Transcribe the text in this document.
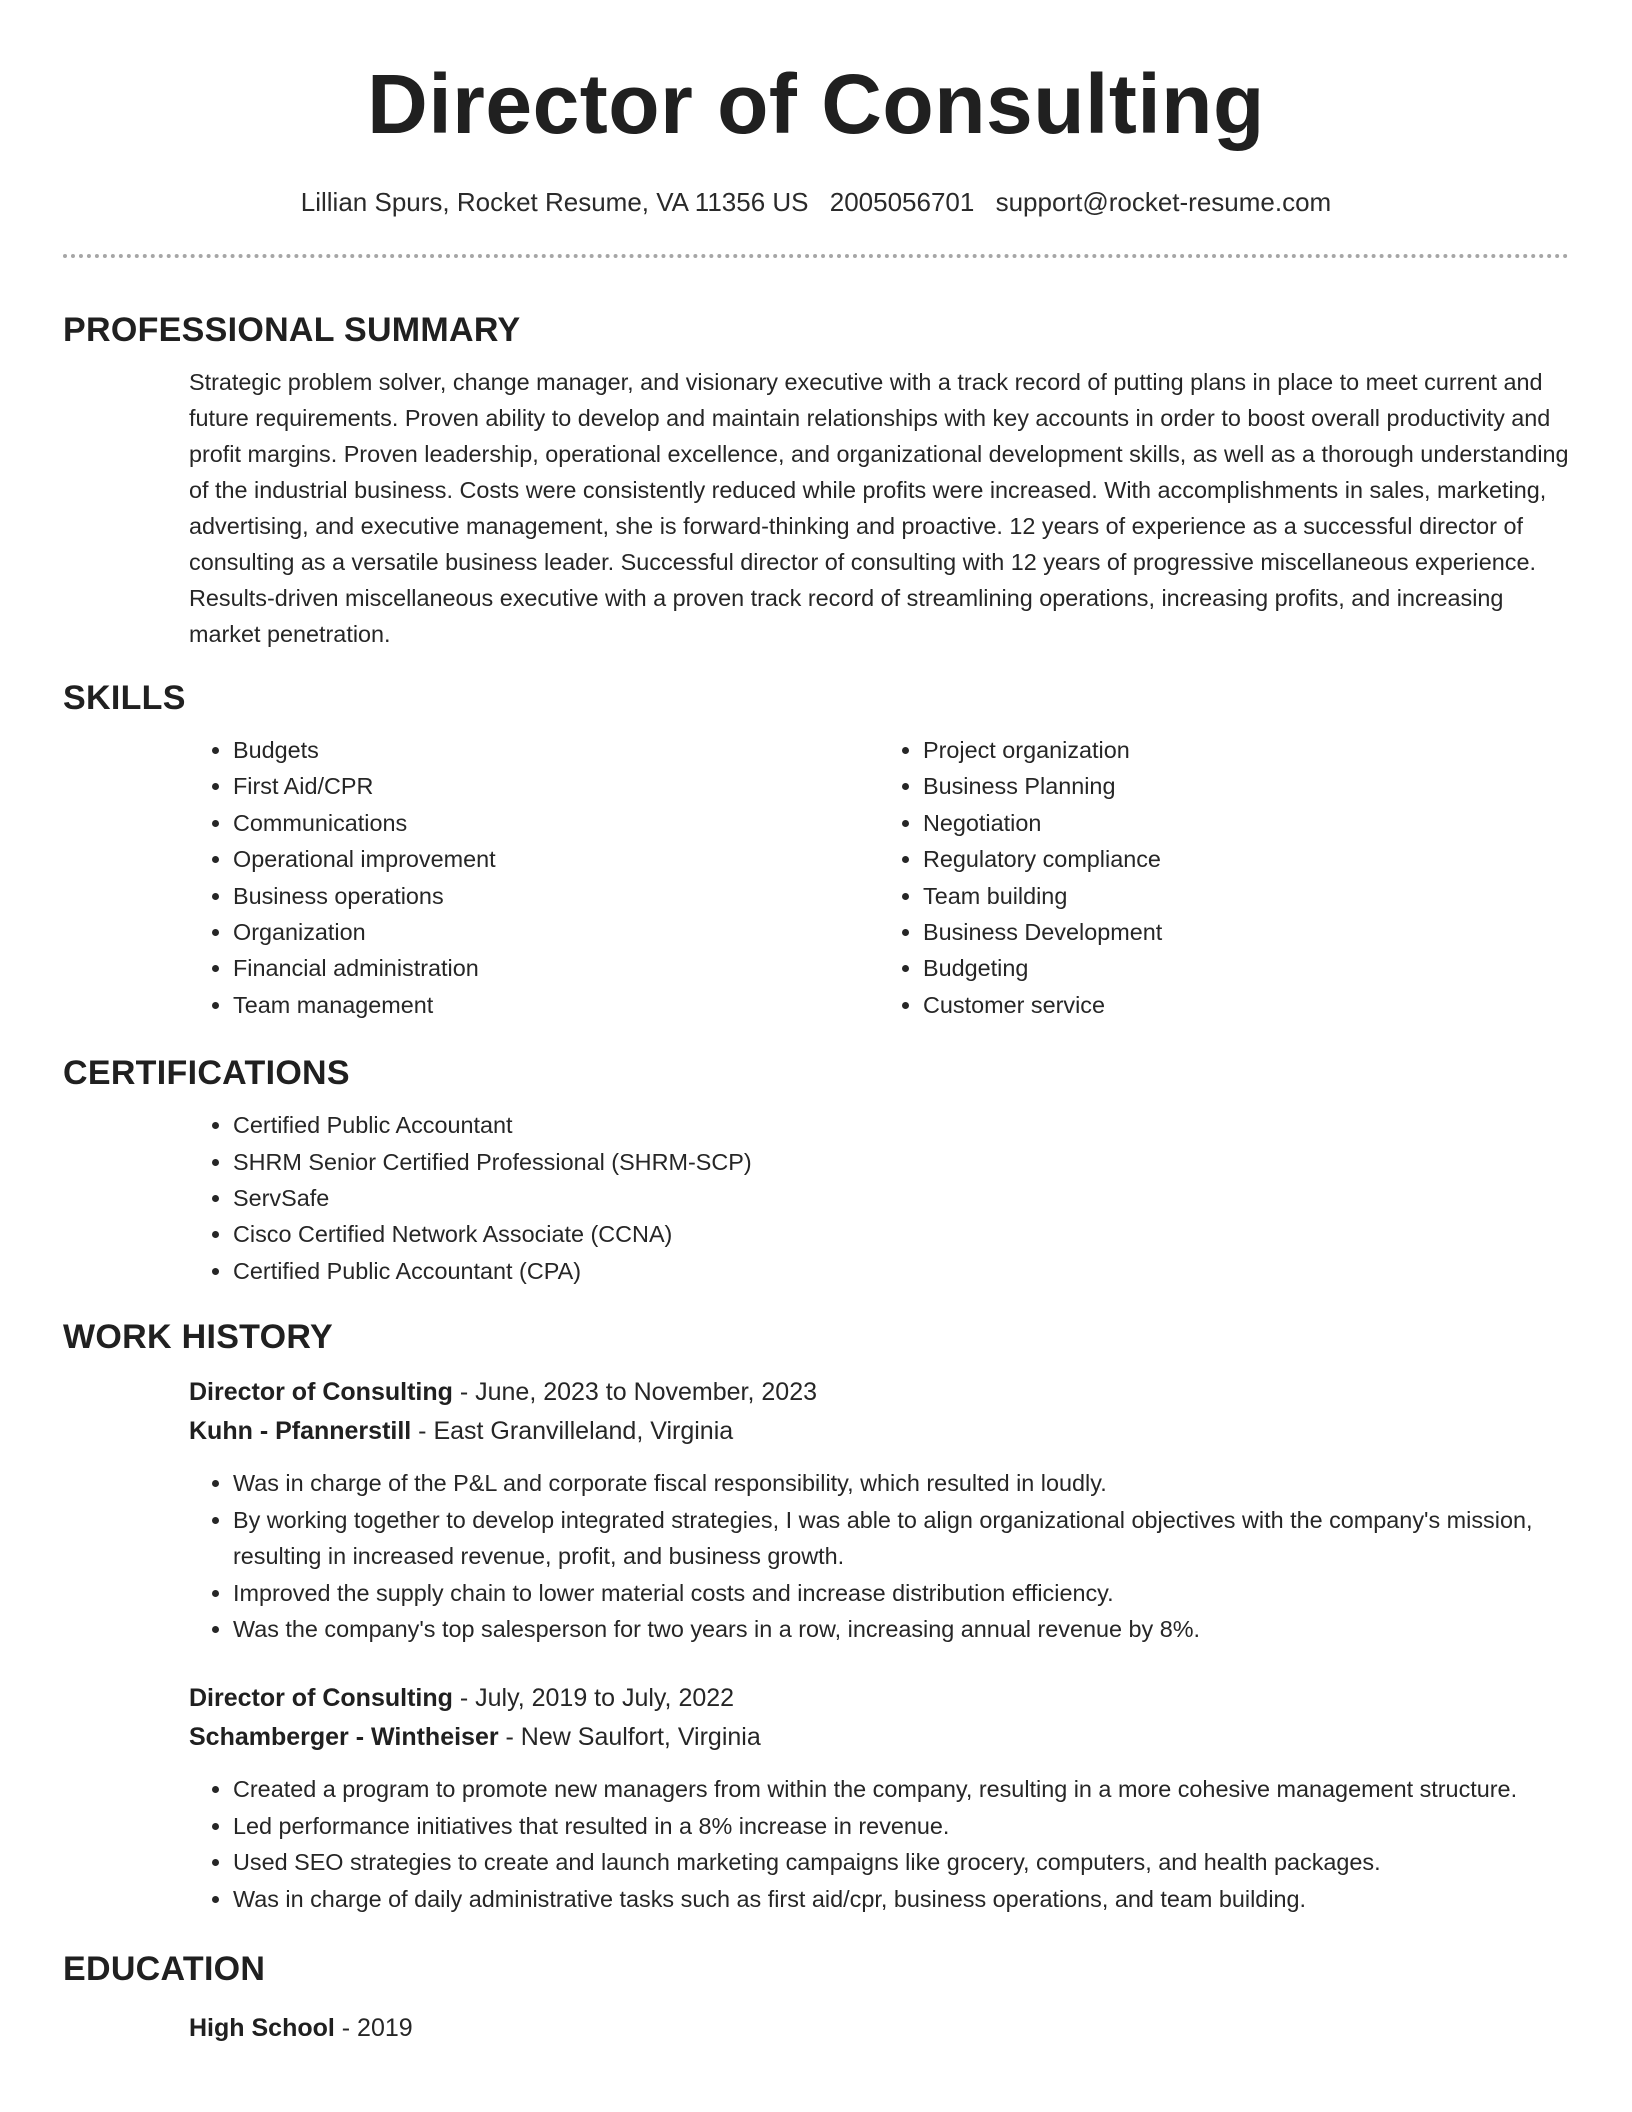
Director of Consulting
Lillian Spurs, Rocket Resume, VA 11356 US 2005056701 support@rocket-resume.com
PROFESSIONAL SUMMARY

Strategic problem solver, change manager, and visionary executive with a track record of putting plans in place to meet current and future requirements. Proven ability to develop and maintain relationships with key accounts in order to boost overall productivity and profit margins. Proven leadership, operational excellence, and organizational development skills, as well as a thorough understanding of the industrial business. Costs were consistently reduced while profits were increased. With accomplishments in sales, marketing, advertising, and executive management, she is forward-thinking and proactive. 12 years of experience as a successful director of consulting as a versatile business leader. Successful director of consulting with 12 years of progressive miscellaneous experience. Results-driven miscellaneous executive with a proven track record of streamlining operations, increasing profits, and increasing market penetration.

SKILLS
• Budgets
• First Aid/CPR
• Communications
• Operational improvement
• Business operations
• Organization
• Financial administration
• Team management
• Project organization
• Business Planning
• Negotiation
• Regulatory compliance
• Team building
• Business Development
• Budgeting
• Customer service
CERTIFICATIONS
• Certified Public Accountant
• SHRM Senior Certified Professional (SHRM-SCP)
• ServSafe
• Cisco Certified Network Associate (CCNA)
• Certified Public Accountant (CPA)
WORK HISTORY
Director of Consulting - June, 2023 to November, 2023
Kuhn - Pfannerstill - East Granvilleland, Virginia
• Was in charge of the P&L and corporate fiscal responsibility, which resulted in loudly.
• By working together to develop integrated strategies, I was able to align organizational objectives with the company's mission, resulting in increased revenue, profit, and business growth.
• Improved the supply chain to lower material costs and increase distribution efficiency.
• Was the company's top salesperson for two years in a row, increasing annual revenue by 8%.
Director of Consulting - July, 2019 to July, 2022
Schamberger - Wintheiser - New Saulfort, Virginia
• Created a program to promote new managers from within the company, resulting in a more cohesive management structure.
• Led performance initiatives that resulted in a 8% increase in revenue.
• Used SEO strategies to create and launch marketing campaigns like grocery, computers, and health packages.
• Was in charge of daily administrative tasks such as first aid/cpr, business operations, and team building.
EDUCATION
High School - 2019
